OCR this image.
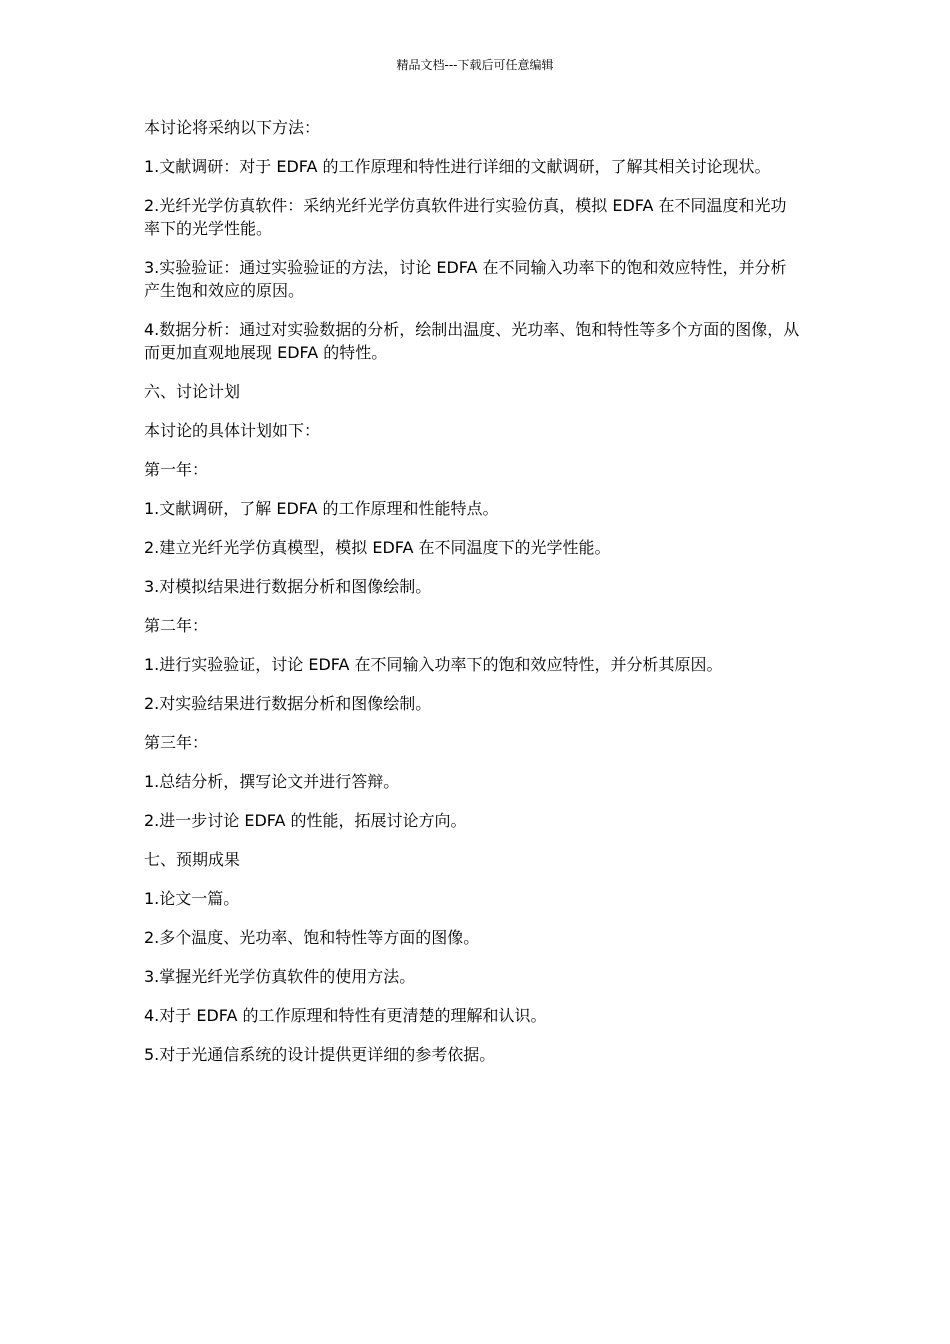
精品文档---下载后可任意编辑

本讨论将采纳以下方法：

1.文献调研：对于 EDFA 的工作原理和特性进行详细的文献调研，了解其相关讨论现状。

2.光纤光学仿真软件：采纳光纤光学仿真软件进行实验仿真，模拟 EDFA 在不同温度和光功率下的光学性能。

3.实验验证：通过实验验证的方法，讨论 EDFA 在不同输入功率下的饱和效应特性，并分析产生饱和效应的原因。

4.数据分析：通过对实验数据的分析，绘制出温度、光功率、饱和特性等多个方面的图像，从而更加直观地展现 EDFA 的特性。

六、讨论计划

本讨论的具体计划如下：

第一年：

1.文献调研，了解 EDFA 的工作原理和性能特点。

2.建立光纤光学仿真模型，模拟 EDFA 在不同温度下的光学性能。

3.对模拟结果进行数据分析和图像绘制。

第二年：

1.进行实验验证，讨论 EDFA 在不同输入功率下的饱和效应特性，并分析其原因。

2.对实验结果进行数据分析和图像绘制。

第三年：

1.总结分析，撰写论文并进行答辩。

2.进一步讨论 EDFA 的性能，拓展讨论方向。

七、预期成果

1.论文一篇。

2.多个温度、光功率、饱和特性等方面的图像。

3.掌握光纤光学仿真软件的使用方法。

4.对于 EDFA 的工作原理和特性有更清楚的理解和认识。

5.对于光通信系统的设计提供更详细的参考依据。
